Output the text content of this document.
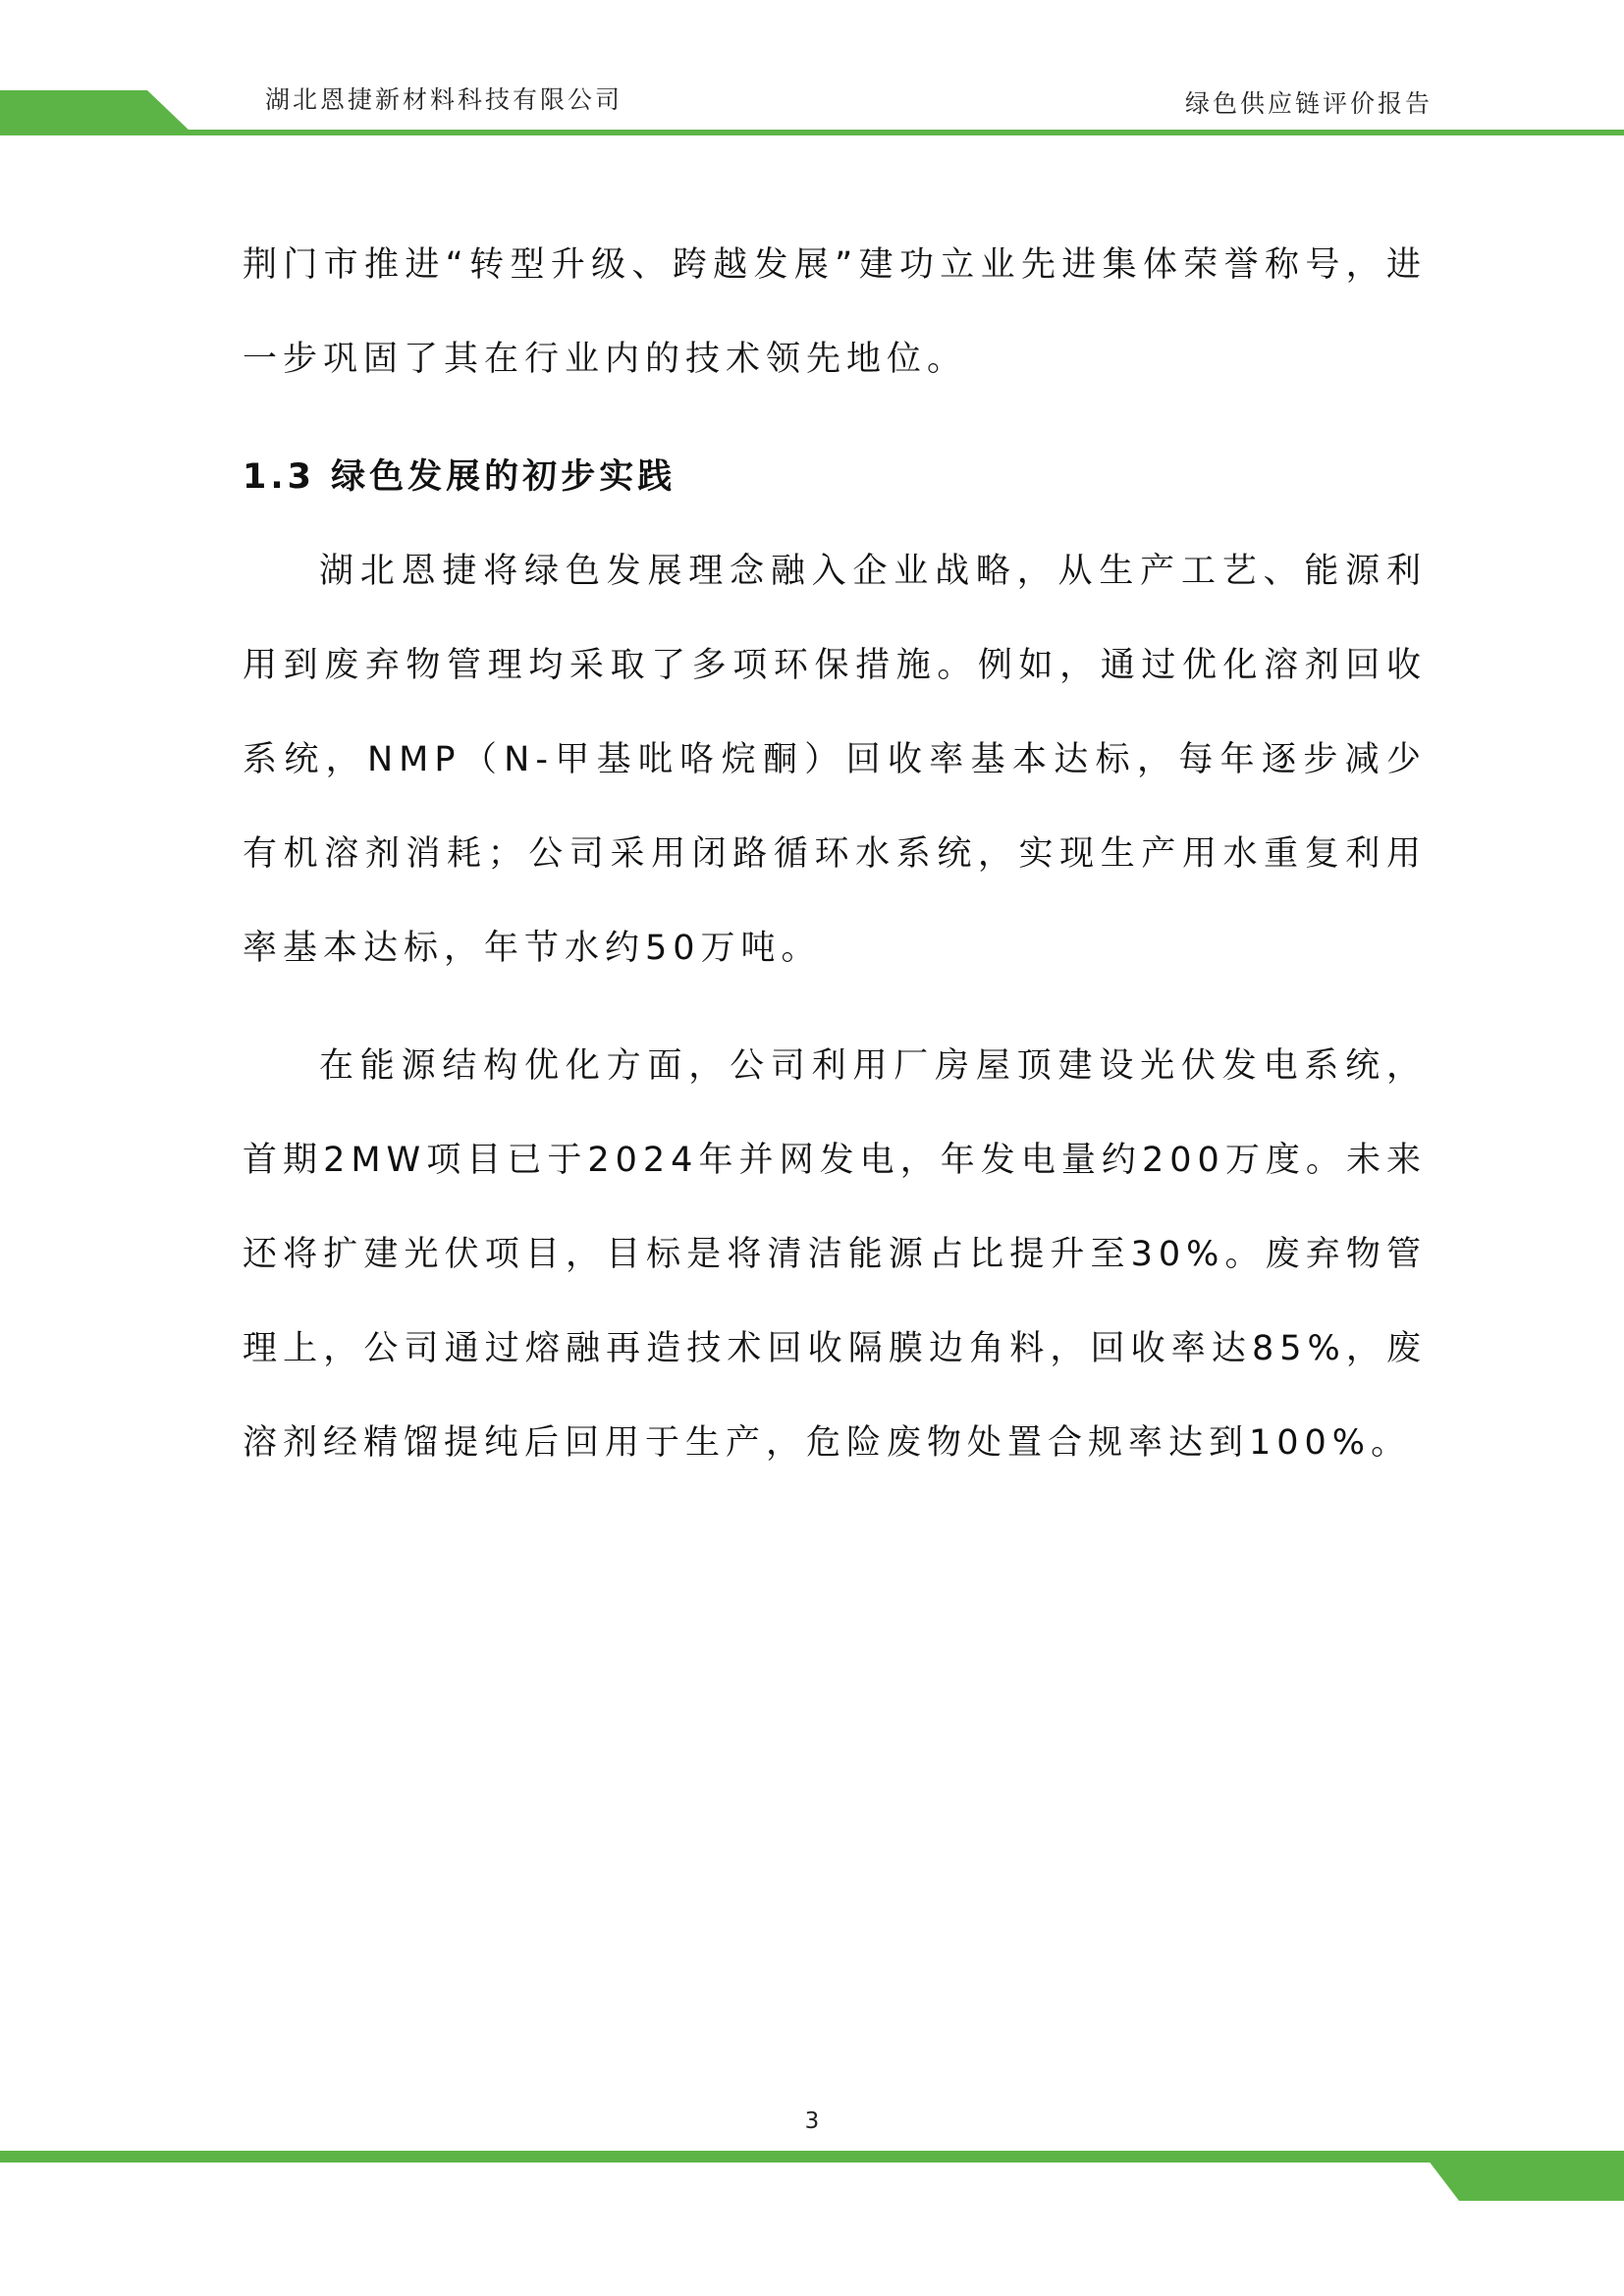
湖北恩捷新材料科技有限公司	绿色供应链评价报告

荆门市推进“转型升级、跨越发展”建功立业先进集体荣誉称号，进一步巩固了其在行业内的技术领先地位。

1.3 绿色发展的初步实践

湖北恩捷将绿色发展理念融入企业战略，从生产工艺、能源利用到废弃物管理均采取了多项环保措施。例如，通过优化溶剂回收系统，NMP（N-甲基吡咯烷酮）回收率基本达标，每年逐步减少有机溶剂消耗；公司采用闭路循环水系统，实现生产用水重复利用率基本达标，年节水约50万吨。

在能源结构优化方面，公司利用厂房屋顶建设光伏发电系统，首期2MW项目已于2024年并网发电，年发电量约200万度。未来还将扩建光伏项目，目标是将清洁能源占比提升至30%。废弃物管理上，公司通过熔融再造技术回收隔膜边角料，回收率达85%，废溶剂经精馏提纯后回用于生产，危险废物处置合规率达到100%。

3
